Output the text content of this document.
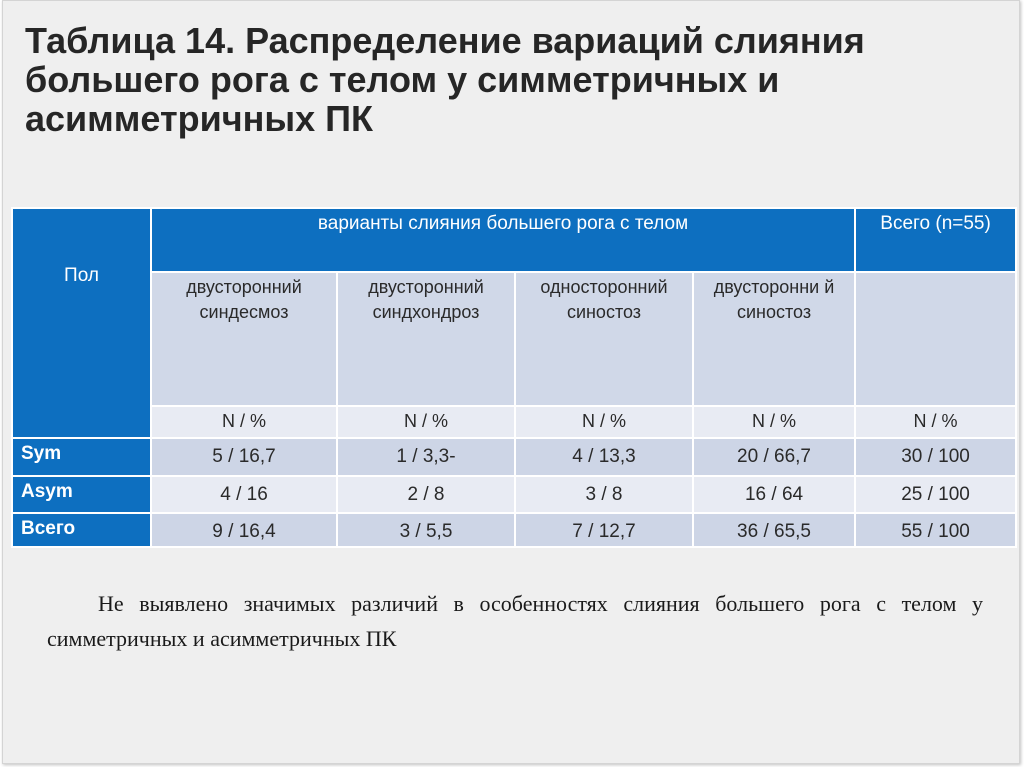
Таблица 14. Распределение вариаций слияния большего рога с телом у симметричных и асимметричных ПК
Пол	варианты слияния большего рога с телом				Всего (n=55)
	двусторонний синдесмоз	двусторонний синдхондроз	односторонний синостоз	двусторонни й синостоз	
	N / %	N / %	N / %	N / %	N / %
Sym	5 / 16,7	1 / 3,3-	4 / 13,3	20 / 66,7	30 / 100
Asym	4 / 16	2 / 8	3 / 8	16 / 64	25 / 100
Всего	9 / 16,4	3 / 5,5	7 / 12,7	36 / 65,5	55 / 100

Не выявлено значимых различий в особенностях слияния большего рога с телом у симметричных и асимметричных ПК
